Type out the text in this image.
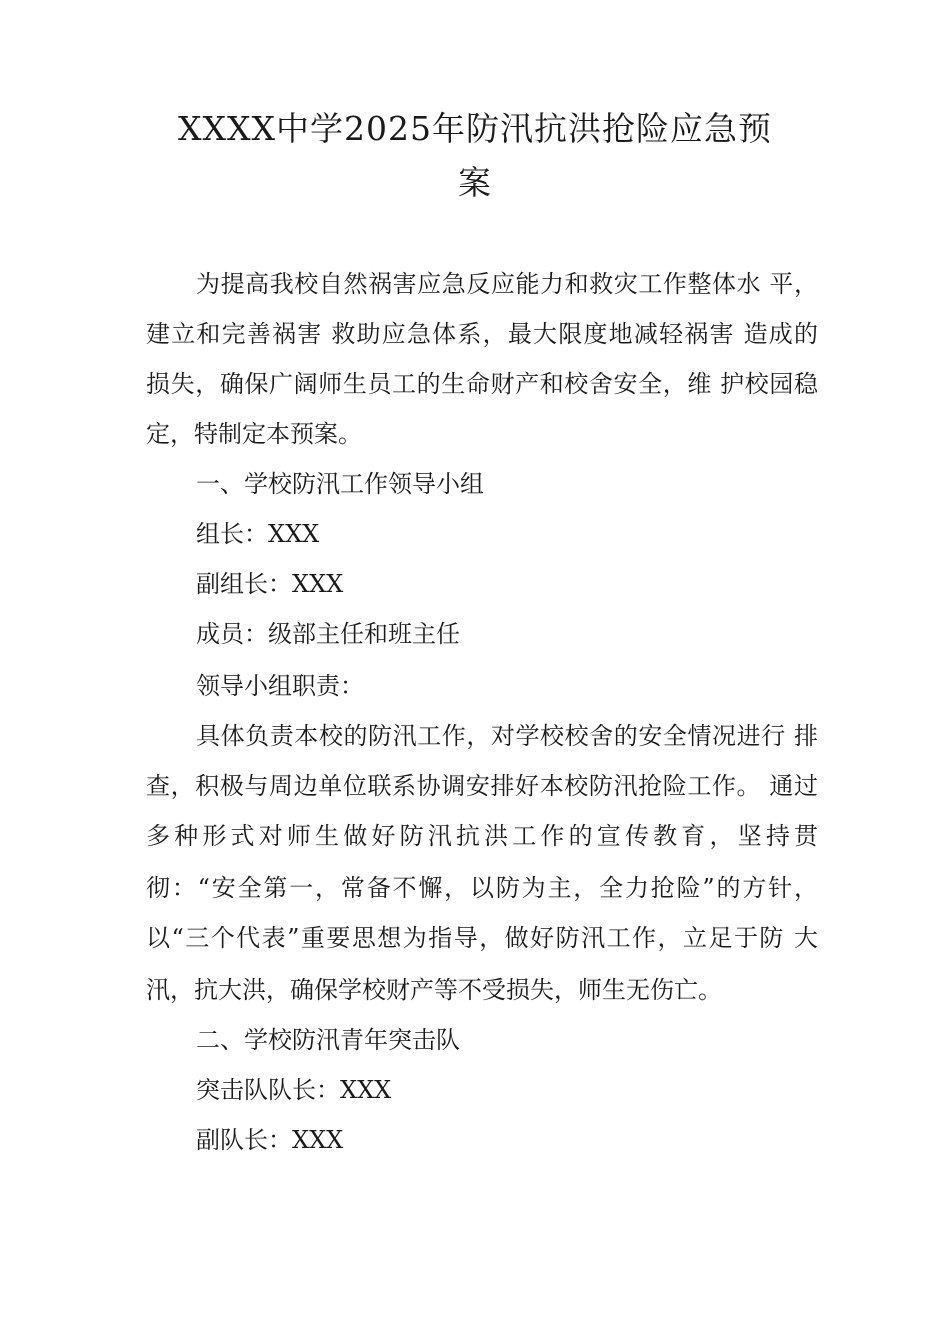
XXXX中学2025年防汛抗洪抢险应急预
案
为提高我校自然祸害应急反应能力和救灾工作整体水 平，
建立和完善祸害 救助应急体系，最大限度地减轻祸害 造成的
损失，确保广阔师生员工的生命财产和校舍安全，维 护校园稳
定，特制定本预案。
一、学校防汛工作领导小组
组长：XXX
副组长：XXX
成员：级部主任和班主任
领导小组职责：
具体负责本校的防汛工作，对学校校舍的安全情况进行 排
查，积极与周边单位联系协调安排好本校防汛抢险工作。 通过
多种形式对师生做好防汛抗洪工作的宣传教育，坚持贯
彻：“安全第一，常备不懈，以防为主，全力抢险”的方针，
以“三个代表”重要思想为指导，做好防汛工作，立足于防 大
汛，抗大洪，确保学校财产等不受损失，师生无伤亡。
二、学校防汛青年突击队
突击队队长：XXX
副队长：XXX
